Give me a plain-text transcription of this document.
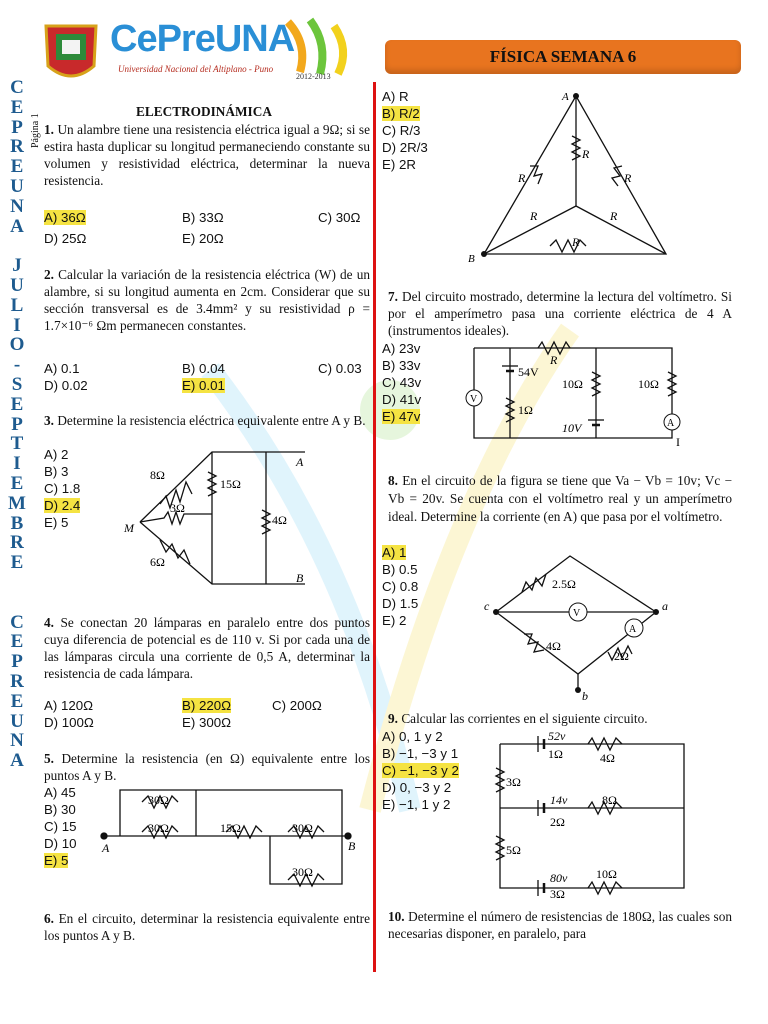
CePreUNA
Universidad Nacional del Altiplano - Puno
2012-2013
FÍSICA SEMANA 6
C
E
P
R
E
U
N
A

J
U
L
I
O
-
S
E
P
T
I
E
M
B
R
E

C
E
P
R
E
U
N
A
Página 1
ELECTRODINÁMICA
1. Un alambre tiene una resistencia eléctrica igual a 9Ω; si se estira hasta duplicar su longitud permaneciendo constante su volumen y resistividad eléctrica, determinar la nueva resistencia.
A) 36Ω	B) 33Ω	C) 30Ω
D) 25Ω	E) 20Ω
2. Calcular la variación de la resistencia eléctrica (W) de un alambre, si su longitud aumenta en 2cm. Considerar que su sección transversal es de 3.4mm² y su resistividad ρ = 1.7×10⁻⁶ Ωm permanecen constantes.
A) 0.1	B) 0.04	C) 0.03
D) 0.02	E) 0.01
3. Determine la resistencia eléctrica equivalente entre A y B.
A) 2
B) 3
C) 1.8
D) 2.4
E) 5
8Ω
15Ω
3Ω
4Ω
6Ω
A
B
M
4. Se conectan 20 lámparas en paralelo entre dos puntos cuya diferencia de potencial es de 110 v. Si por cada una de las lámparas circula una corriente de 0,5 A, determinar la resistencia de cada lámpara.
A) 120Ω	B) 220Ω	C) 200Ω
D) 100Ω	E) 300Ω
5. Determine la resistencia (en Ω) equivalente entre los puntos A y B.
A) 45
B) 30
C) 15
D) 10
E) 5
30Ω
30Ω	15Ω	30Ω
30Ω
A	B
6. En el circuito, determinar la resistencia equivalente entre los puntos A y B.
A) R
B) R/2
C) R/3
D) 2R/3
E) 2R
R
R	R
R	R
R
A
B
7. Del circuito mostrado, determine la lectura del voltímetro. Si por el amperímetro pasa una corriente eléctrica de 4 A (instrumentos ideales).
A) 23v
B) 33v
C) 43v
D) 41v
E) 47v
V
A
R
54V
1Ω
10Ω	10Ω
10V
I
8. En el circuito de la figura se tiene que Va − Vb = 10v; Vc − Vb = 20v. Se cuenta con el voltímetro real y un amperímetro ideal. Determine la corriente (en A) que pasa por el voltímetro.
A) 1
B) 0.5
C) 0.8
D) 1.5
E) 2	V
A
2.5Ω
4Ω
2Ω
c	a
b
9. Calcular las corrientes en el siguiente circuito.
A) 0, 1 y 2
B) −1, −3 y 1
C) −1, −3 y 2
D) 0, −3 y 2
E) −1, 1 y 2
52v
1Ω	4Ω
3Ω
14v
2Ω
8Ω
5Ω
80v
3Ω
10Ω
10. Determine el número de resistencias de 180Ω, las cuales son necesarias disponer, en paralelo, para
